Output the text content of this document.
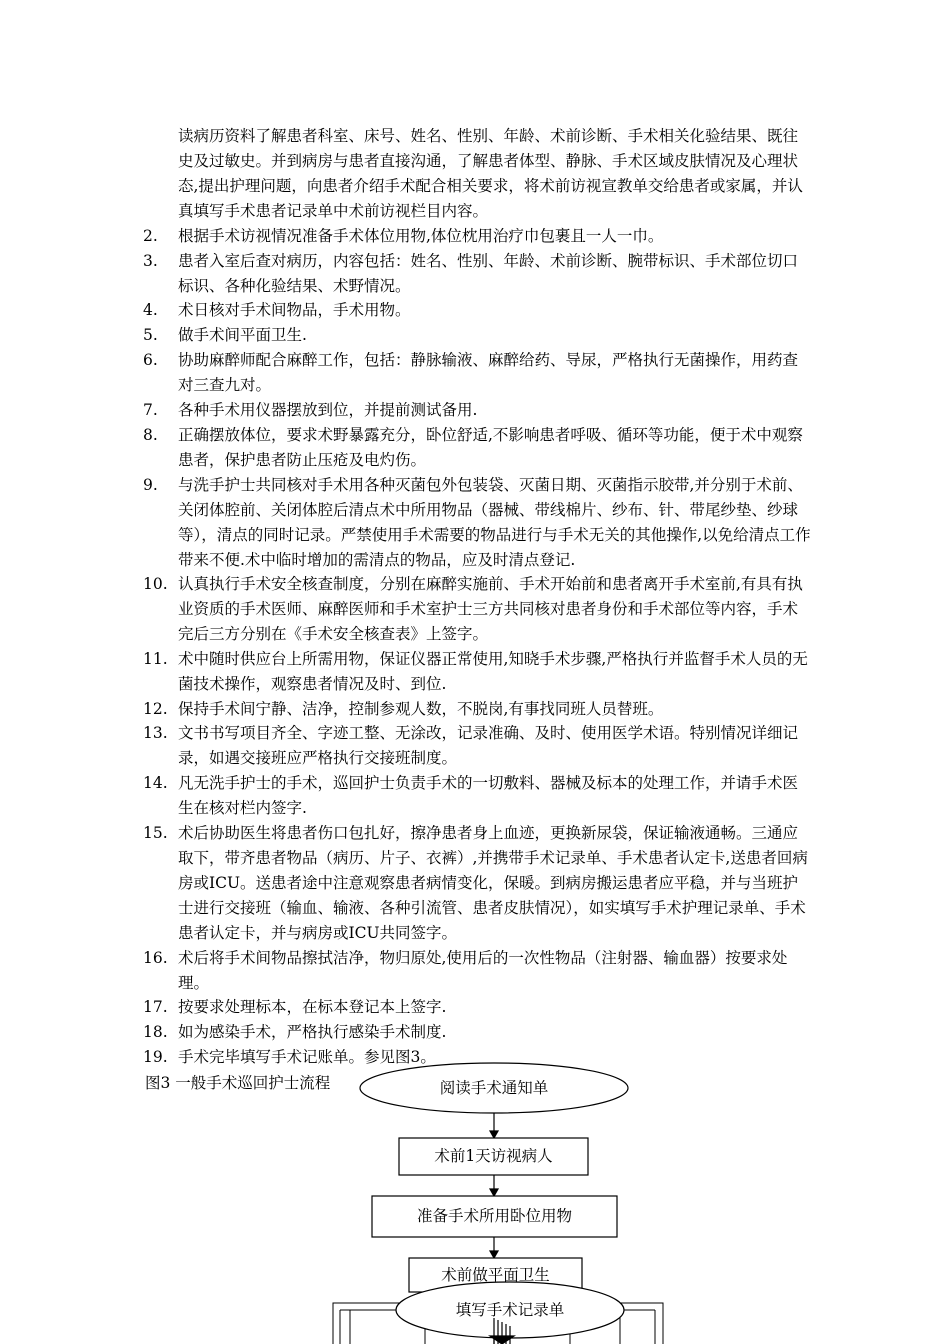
读病历资料了解患者科室、床号、姓名、性别、年龄、术前诊断、手术相关化验结果、既往史及过敏史。并到病房与患者直接沟通，了解患者体型、静脉、手术区域皮肤情况及心理状态,提出护理问题，向患者介绍手术配合相关要求，将术前访视宣教单交给患者或家属，并认真填写手术患者记录单中术前访视栏目内容。
2.	根据手术访视情况准备手术体位用物,体位枕用治疗巾包裹且一人一巾。
3.	患者入室后查对病历，内容包括：姓名、性别、年龄、术前诊断、腕带标识、手术部位切口标识、各种化验结果、术野情况。
4.	术日核对手术间物品，手术用物。
5.	做手术间平面卫生.
6.	协助麻醉师配合麻醉工作，包括：静脉输液、麻醉给药、导尿，严格执行无菌操作，用药查对三查九对。
7.	各种手术用仪器摆放到位，并提前测试备用.
8.	正确摆放体位，要求术野暴露充分，卧位舒适,不影响患者呼吸、循环等功能，便于术中观察患者，保护患者防止压疮及电灼伤。
9.	与洗手护士共同核对手术用各种灭菌包外包装袋、灭菌日期、灭菌指示胶带,并分别于术前、关闭体腔前、关闭体腔后清点术中所用物品（器械、带线棉片、纱布、针、带尾纱垫、纱球等），清点的同时记录。严禁使用手术需要的物品进行与手术无关的其他操作,以免给清点工作带来不便.术中临时增加的需清点的物品，应及时清点登记.
10. 认真执行手术安全核查制度，分别在麻醉实施前、手术开始前和患者离开手术室前,有具有执业资质的手术医师、麻醉医师和手术室护士三方共同核对患者身份和手术部位等内容，手术完后三方分别在《手术安全核查表》上签字。
11. 术中随时供应台上所需用物，保证仪器正常使用,知晓手术步骤,严格执行并监督手术人员的无菌技术操作，观察患者情况及时、到位.
12. 保持手术间宁静、洁净，控制参观人数，不脱岗,有事找同班人员替班。
13. 文书书写项目齐全、字迹工整、无涂改，记录准确、及时、使用医学术语。特别情况详细记录，如遇交接班应严格执行交接班制度。
14. 凡无洗手护士的手术，巡回护士负责手术的一切敷料、器械及标本的处理工作，并请手术医生在核对栏内签字.
15. 术后协助医生将患者伤口包扎好，擦净患者身上血迹，更换新尿袋，保证输液通畅。三通应取下，带齐患者物品（病历、片子、衣裤）,并携带手术记录单、手术患者认定卡,送患者回病房或ICU。送患者途中注意观察患者病情变化，保暖。到病房搬运患者应平稳，并与当班护士进行交接班（输血、输液、各种引流管、患者皮肤情况），如实填写手术护理记录单、手术患者认定卡，并与病房或ICU共同签字。
16. 术后将手术间物品擦拭洁净，物归原处,使用后的一次性物品（注射器、输血器）按要求处理。
17. 按要求处理标本，在标本登记本上签字.
18. 如为感染手术，严格执行感染手术制度.
19. 手术完毕填写手术记账单。参见图3。
图3 一般手术巡回护士流程	阅读手术通知单
术前1天访视病人
准备手术所用卧位用物
术前做平面卫生
填写手术记录单
